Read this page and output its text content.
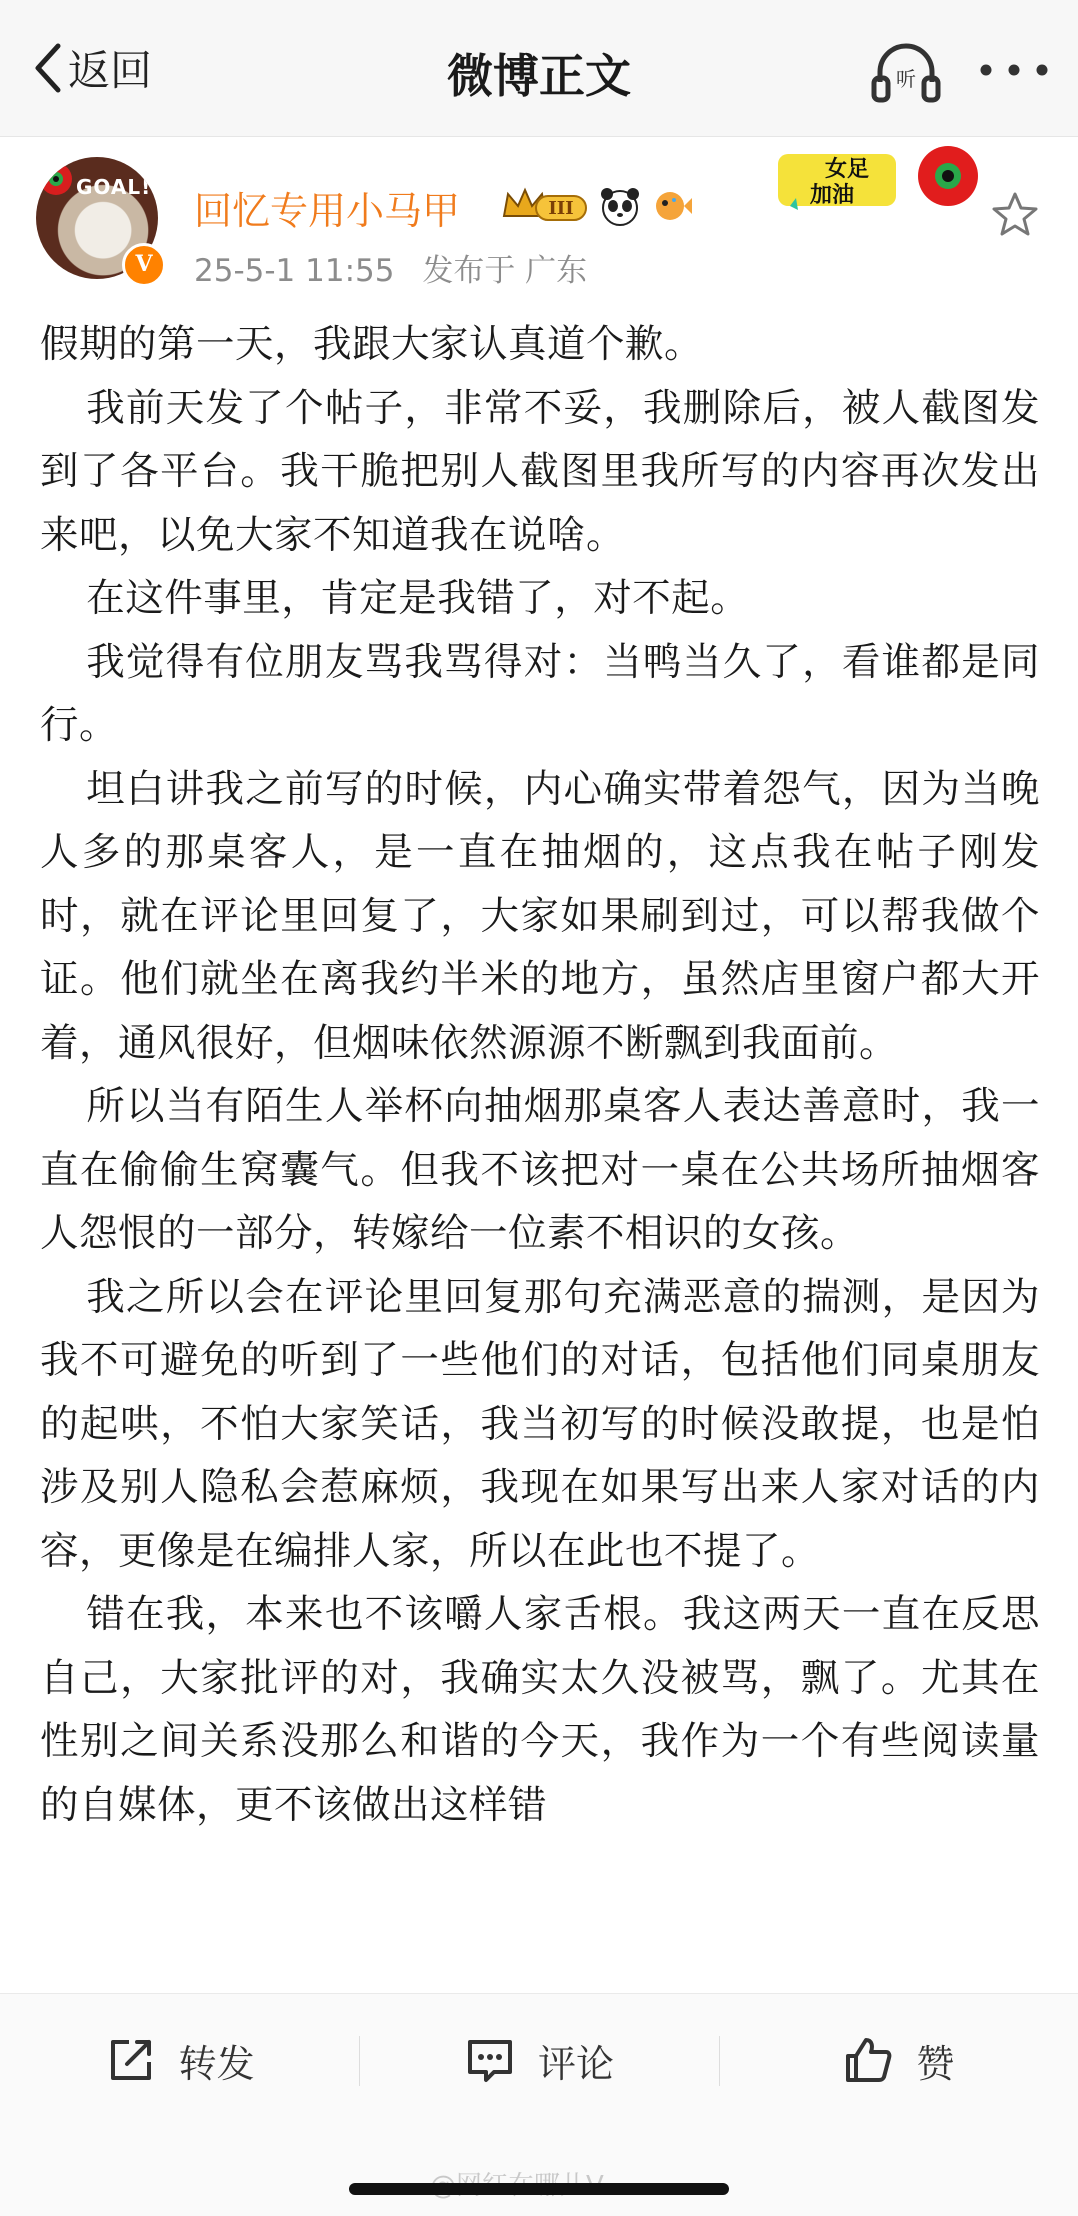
返回	微博正文	听
GOAL!
V
回忆专用小马甲	III
25-5-1 11:55 发布于 广东
女足
加油

假期的第一天，我跟大家认真道个歉。

我前天发了个帖子，非常不妥，我删除后，被人截图发到了各平台。我干脆把别人截图里我所写的内容再次发出来吧，以免大家不知道我在说啥。

在这件事里，肯定是我错了，对不起。

我觉得有位朋友骂我骂得对：当鸭当久了，看谁都是同行。

坦白讲我之前写的时候，内心确实带着怨气，因为当晚人多的那桌客人，是一直在抽烟的，这点我在帖子刚发时，就在评论里回复了，大家如果刷到过，可以帮我做个证。他们就坐在离我约半米的地方，虽然店里窗户都大开着，通风很好，但烟味依然源源不断飘到我面前。

所以当有陌生人举杯向抽烟那桌客人表达善意时，我一直在偷偷生窝囊气。但我不该把对一桌在公共场所抽烟客人怨恨的一部分，转嫁给一位素不相识的女孩。

我之所以会在评论里回复那句充满恶意的揣测，是因为我不可避免的听到了一些他们的对话，包括他们同桌朋友的起哄，不怕大家笑话，我当初写的时候没敢提，也是怕涉及别人隐私会惹麻烦，我现在如果写出来人家对话的内容，更像是在编排人家，所以在此也不提了。

错在我，本来也不该嚼人家舌根。我这两天一直在反思自己，大家批评的对，我确实太久没被骂，飘了。尤其在性别之间关系没那么和谐的今天，我作为一个有些阅读量的自媒体，更不该做出这样错

转发	评论	赞
